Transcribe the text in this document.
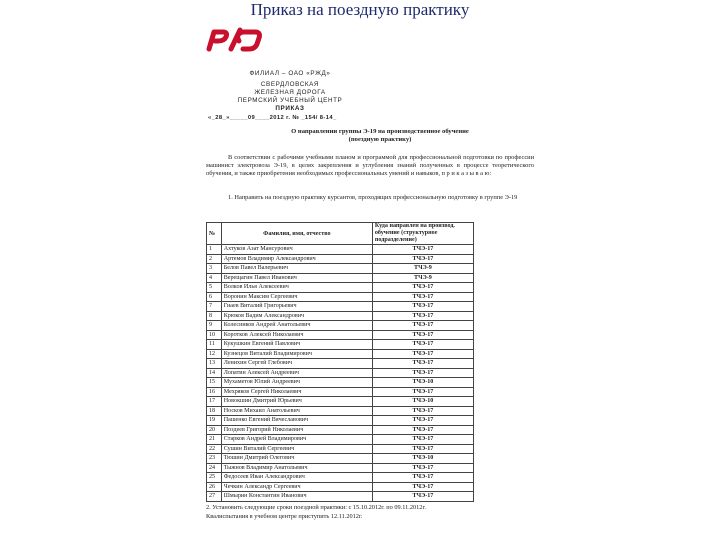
Приказ на поездную практику
ФИЛИАЛ – ОАО «РЖД»
СВЕРДЛОВСКАЯ
ЖЕЛЕЗНАЯ ДОРОГА
ПЕРМСКИЙ УЧЕБНЫЙ ЦЕНТР
ПРИКАЗ
«_28_»_____09____2012 г. № _154/ 8-14_
О направлении группы Э-19 на производственное обучение
(поездную практику)
В соответствии с рабочими учебными планом и программой для профессиональной подготовки по профессии машинист электровоза Э-19, в целях закрепления и углубления знаний полученных в процессе теоретического обучения, и также приобретения необходимых профессиональных умений и навыков, п р и к а з ы в а ю:
1. Направить на поездную практику курсантов, проходящих профессиональную подготовку в группе Э-19
№	Фамилия, имя, отчество	Куда направлен на производ. обучение (структурное подразделение)
1	Ахтуков Азат Мансурович	ТЧЭ-17
2	Артемов Владимир Александрович	ТЧЭ-17
3	Белов Павел Валерьевич	ТЧЭ-9
4	Верещагин Павел Иванович	ТЧЭ-9
5	Волков Илья Алексеевич	ТЧЭ-17
6	Воронин Максим Сергеевич	ТЧЭ-17
7	Гиаев Виталий Григорьевич	ТЧЭ-17
8	Крюков Вадим Александрович	ТЧЭ-17
9	Колесников Андрей Анатольевич	ТЧЭ-17
10	Коротков Алексей Николаевич	ТЧЭ-17
11	Кукушкин Евгений Павлович	ТЧЭ-17
12	Кузнецов Виталий Владимирович	ТЧЭ-17
13	Ленихин Сергей Глебович	ТЧЭ-17
14	Лопатин Алексей Андреевич	ТЧЭ-17
15	Мухаметов Юлий Андреевич	ТЧЭ-10
16	Мехряков Сергей Николаевич	ТЧЭ-17
17	Новокшин Дмитрий Юрьевич	ТЧЭ-10
18	Носков Михаил Анатольевич	ТЧЭ-17
19	Пашенко Евгений Вячеславович	ТЧЭ-17
20	Поздеев Григорий Николаевич	ТЧЭ-17
21	Старков Андрей Владимирович	ТЧЭ-17
22	Сушин Виталий Сергеевич	ТЧЭ-17
23	Тюшин Дмитрий Олегович	ТЧЭ-10
24	Тыжнов Владимир Анатольевич	ТЧЭ-17
25	Федосеев Иван Александрович	ТЧЭ-17
26	Чечкин Александр Сергеевич	ТЧЭ-17
27	Шмырин Константин Иванович	ТЧЭ-17
2. Установить следующие сроки поездной практики: с 15.10.2012г. по 09.11.2012г.
Квалиспытания в учебном центре приступить 12.11.2012г.
